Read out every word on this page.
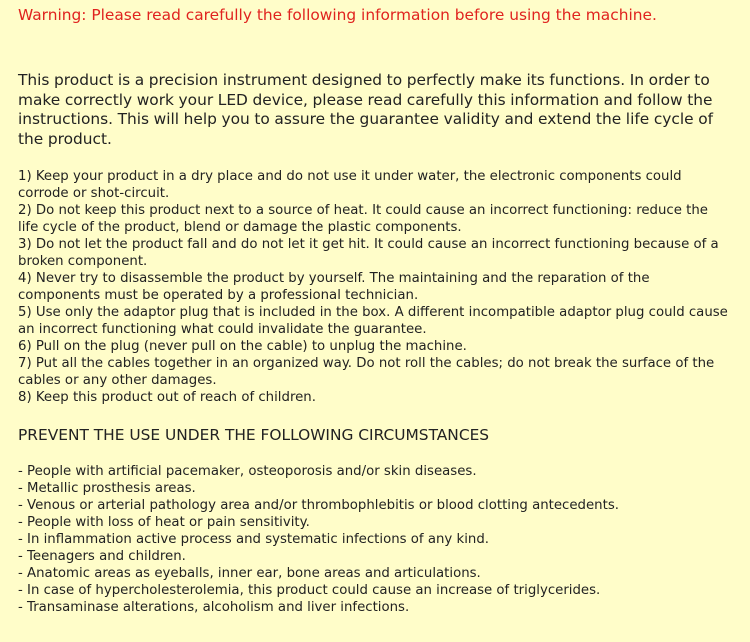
Warning: Please read carefully the following information before using the machine.

This product is a precision instrument designed to perfectly make its functions. In order to make correctly work your LED device, please read carefully this information and follow the instructions. This will help you to assure the guarantee validity and extend the life cycle of the product.

1) Keep your product in a dry place and do not use it under water, the electronic components could corrode or shot-circuit.
2) Do not keep this product next to a source of heat. It could cause an incorrect functioning: reduce the life cycle of the product, blend or damage the plastic components.
3) Do not let the product fall and do not let it get hit. It could cause an incorrect functioning because of a broken component.
4) Never try to disassemble the product by yourself. The maintaining and the reparation of the components must be operated by a professional technician.
5) Use only the adaptor plug that is included in the box. A different incompatible adaptor plug could cause an incorrect functioning what could invalidate the guarantee.
6) Pull on the plug (never pull on the cable) to unplug the machine.
7) Put all the cables together in an organized way. Do not roll the cables; do not break the surface of the cables or any other damages.
8) Keep this product out of reach of children.

PREVENT THE USE UNDER THE FOLLOWING CIRCUMSTANCES

- People with artificial pacemaker, osteoporosis and/or skin diseases.
- Metallic prosthesis areas.
- Venous or arterial pathology area and/or thrombophlebitis or blood clotting antecedents.
- People with loss of heat or pain sensitivity.
- In inflammation active process and systematic infections of any kind.
- Teenagers and children.
- Anatomic areas as eyeballs, inner ear, bone areas and articulations.
- In case of hypercholesterolemia, this product could cause an increase of triglycerides.
- Transaminase alterations, alcoholism and liver infections.
